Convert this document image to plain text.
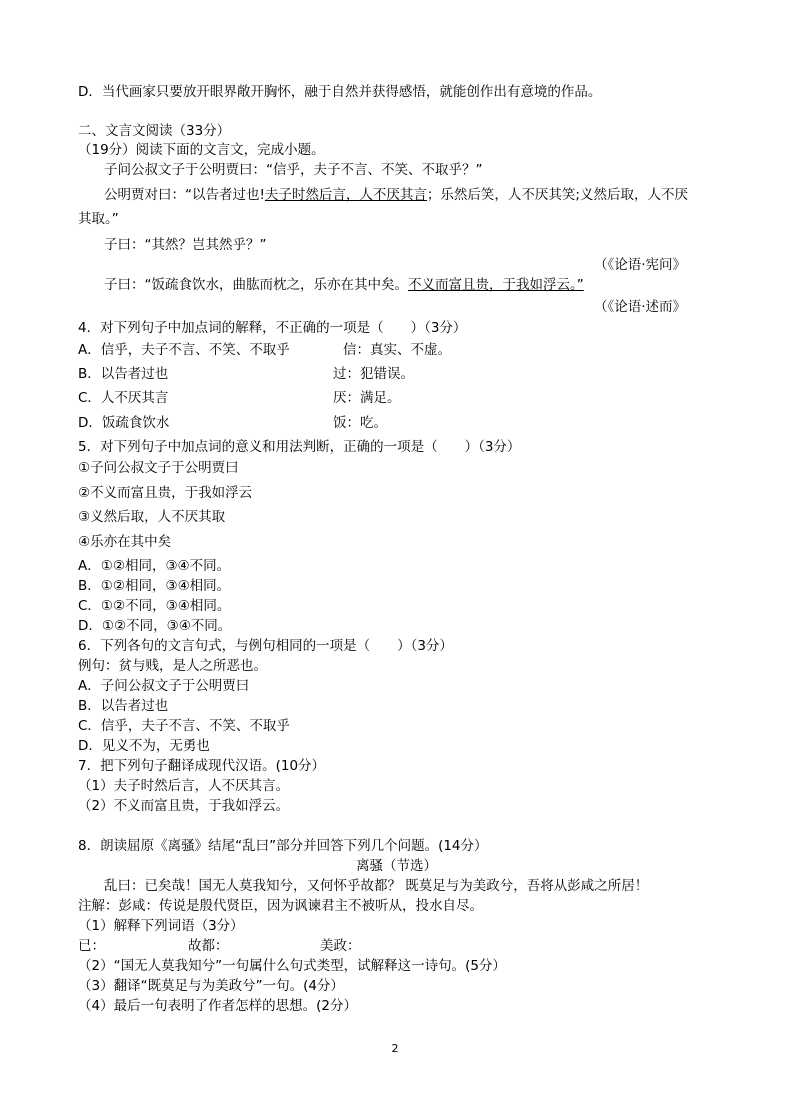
D．当代画家只要放开眼界敞开胸怀，融于自然并获得感悟，就能创作出有意境的作品。
二、文言文阅读（33分）
（19分）阅读下面的文言文，完成小题。
子问公叔文子于公明贾曰：“信乎，夫子不言、不笑、不取乎？”
公明贾对曰：“以告者过也!夫子时然后言，人不厌其言；乐然后笑，人不厌其笑;义然后取，人不厌
其取。”
子曰：“其然？岂其然乎？”
（《论语·宪问》
子曰：“饭疏食饮水，曲肱而枕之，乐亦在其中矣。不义而富且贵，于我如浮云。”
（《论语·述而》
4．对下列句子中加点词的解释，不正确的一项是（　　）（3分）
A．信乎，夫子不言、不笑、不取乎	信：真实、不虚。
B．以告者过也	过：犯错误。
C．人不厌其言	厌：满足。
D．饭疏食饮水	饭：吃。
5．对下列句子中加点词的意义和用法判断，正确的一项是（　　）（3分）
①子问公叔文子于公明贾曰
②不义而富且贵，于我如浮云
③义然后取，人不厌其取
④乐亦在其中矣
A．①②相同，③④不同。
B．①②相同，③④相同。
C．①②不同，③④相同。
D．①②不同，③④不同。
6．下列各句的文言句式，与例句相同的一项是（　　）（3分）
例句：贫与贱，是人之所恶也。
A．子问公叔文子于公明贾曰
B．以告者过也
C．信乎，夫子不言、不笑、不取乎
D．见义不为，无勇也
7．把下列句子翻译成现代汉语。(10分）
（1）夫子时然后言，人不厌其言。
（2）不义而富且贵，于我如浮云。
8．朗读屈原《离骚》结尾“乱曰”部分并回答下列几个问题。(14分）
离骚（节选）
乱曰：已矣哉！国无人莫我知兮，又何怀乎故都？ 既莫足与为美政兮，吾将从彭咸之所居！
注解：彭咸：传说是殷代贤臣，因为讽谏君主不被听从，投水自尽。
（1）解释下列词语（3分）
已：	故都：	美政：
（2）“国无人莫我知兮”一句属什么句式类型，试解释这一诗句。(5分）
（3）翻译“既莫足与为美政兮”一句。(4分）
（4）最后一句表明了作者怎样的思想。(2分）
2
